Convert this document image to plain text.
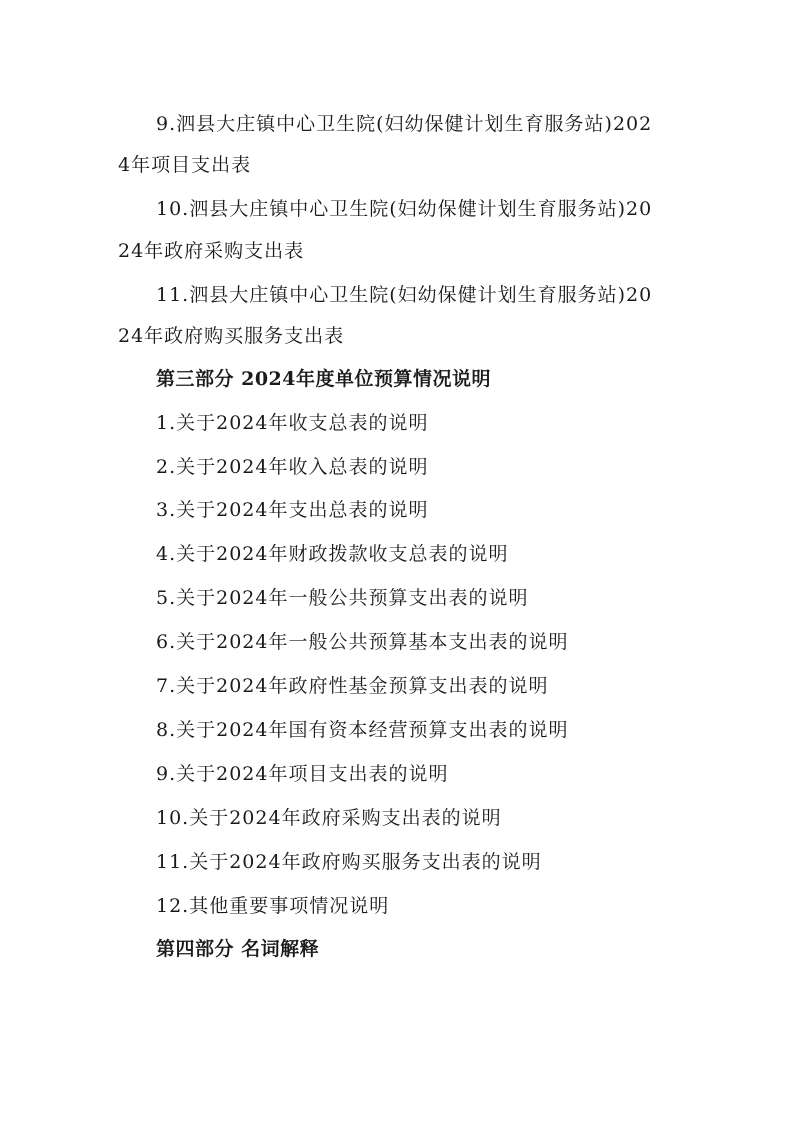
9.泗县大庄镇中心卫生院(妇幼保健计划生育服务站)202
4年项目支出表
10.泗县大庄镇中心卫生院(妇幼保健计划生育服务站)20
24年政府采购支出表
11.泗县大庄镇中心卫生院(妇幼保健计划生育服务站)20
24年政府购买服务支出表
第三部分 2024年度单位预算情况说明
1.关于2024年收支总表的说明
2.关于2024年收入总表的说明
3.关于2024年支出总表的说明
4.关于2024年财政拨款收支总表的说明
5.关于2024年一般公共预算支出表的说明
6.关于2024年一般公共预算基本支出表的说明
7.关于2024年政府性基金预算支出表的说明
8.关于2024年国有资本经营预算支出表的说明
9.关于2024年项目支出表的说明
10.关于2024年政府采购支出表的说明
11.关于2024年政府购买服务支出表的说明
12.其他重要事项情况说明
第四部分 名词解释
